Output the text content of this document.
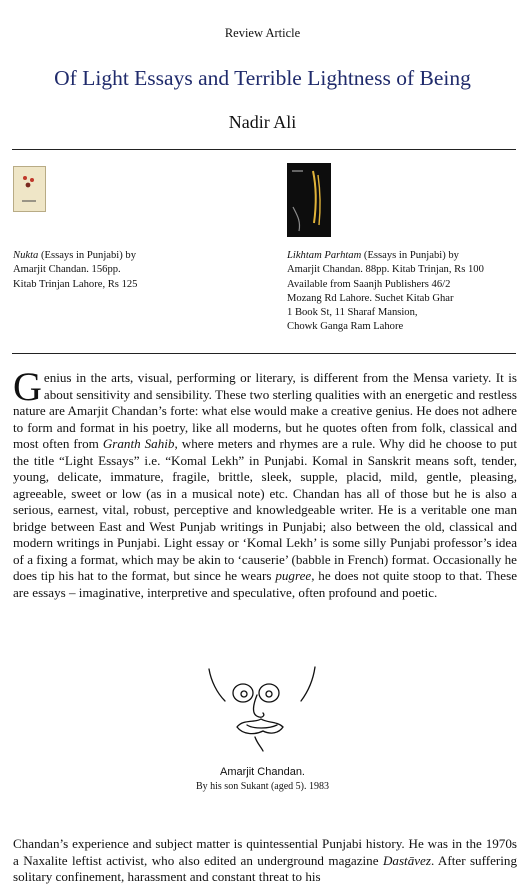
Review Article
Of Light Essays and Terrible Lightness of Being
Nadir Ali
Nukta (Essays in Punjabi) by
Amarjit Chandan. 156pp.
Kitab Trinjan Lahore, Rs 125
Likhtam Parhtam (Essays in Punjabi) by
Amarjit Chandan. 88pp. Kitab Trinjan, Rs 100
Available from Saanjh Publishers 46/2
Mozang Rd Lahore. Suchet Kitab Ghar
1 Book St, 11 Sharaf Mansion,
Chowk Ganga Ram Lahore
Genius in the arts, visual, performing or literary, is different from the Mensa variety. It is about sensitivity and sensibility. These two sterling qualities with an energetic and restless nature are Amarjit Chandan’s forte: what else would make a creative genius. He does not adhere to form and format in his poetry, like all moderns, but he quotes often from folk, classical and most often from Granth Sahib, where meters and rhymes are a rule. Why did he choose to put the title “Light Essays” i.e. “Komal Lekh” in Punjabi. Komal in Sanskrit means soft, tender, young, delicate, immature, fragile, brittle, sleek, supple, placid, mild, gentle, pleasing, agreeable, sweet or low (as in a musical note) etc. Chandan has all of those but he is also a serious, earnest, vital, robust, perceptive and knowledgeable writer. He is a veritable one man bridge between East and West Punjab writings in Punjabi; also between the old, classical and modern writings in Punjabi. Light essay or ‘Komal Lekh’ is some silly Punjabi professor’s idea of a fixing a format, which may be akin to ‘causerie’ (babble in French) format. Occasionally he does tip his hat to the format, but since he wears pugree, he does not quite stoop to that. These are essays – imaginative, interpretive and speculative, often profound and poetic.
Amarjit Chandan.
By his son Sukant (aged 5). 1983
Chandan’s experience and subject matter is quintessential Punjabi history. He was in the 1970s a Naxalite leftist activist, who also edited an underground magazine Dastāvez. After suffering solitary confinement, harassment and constant threat to his
